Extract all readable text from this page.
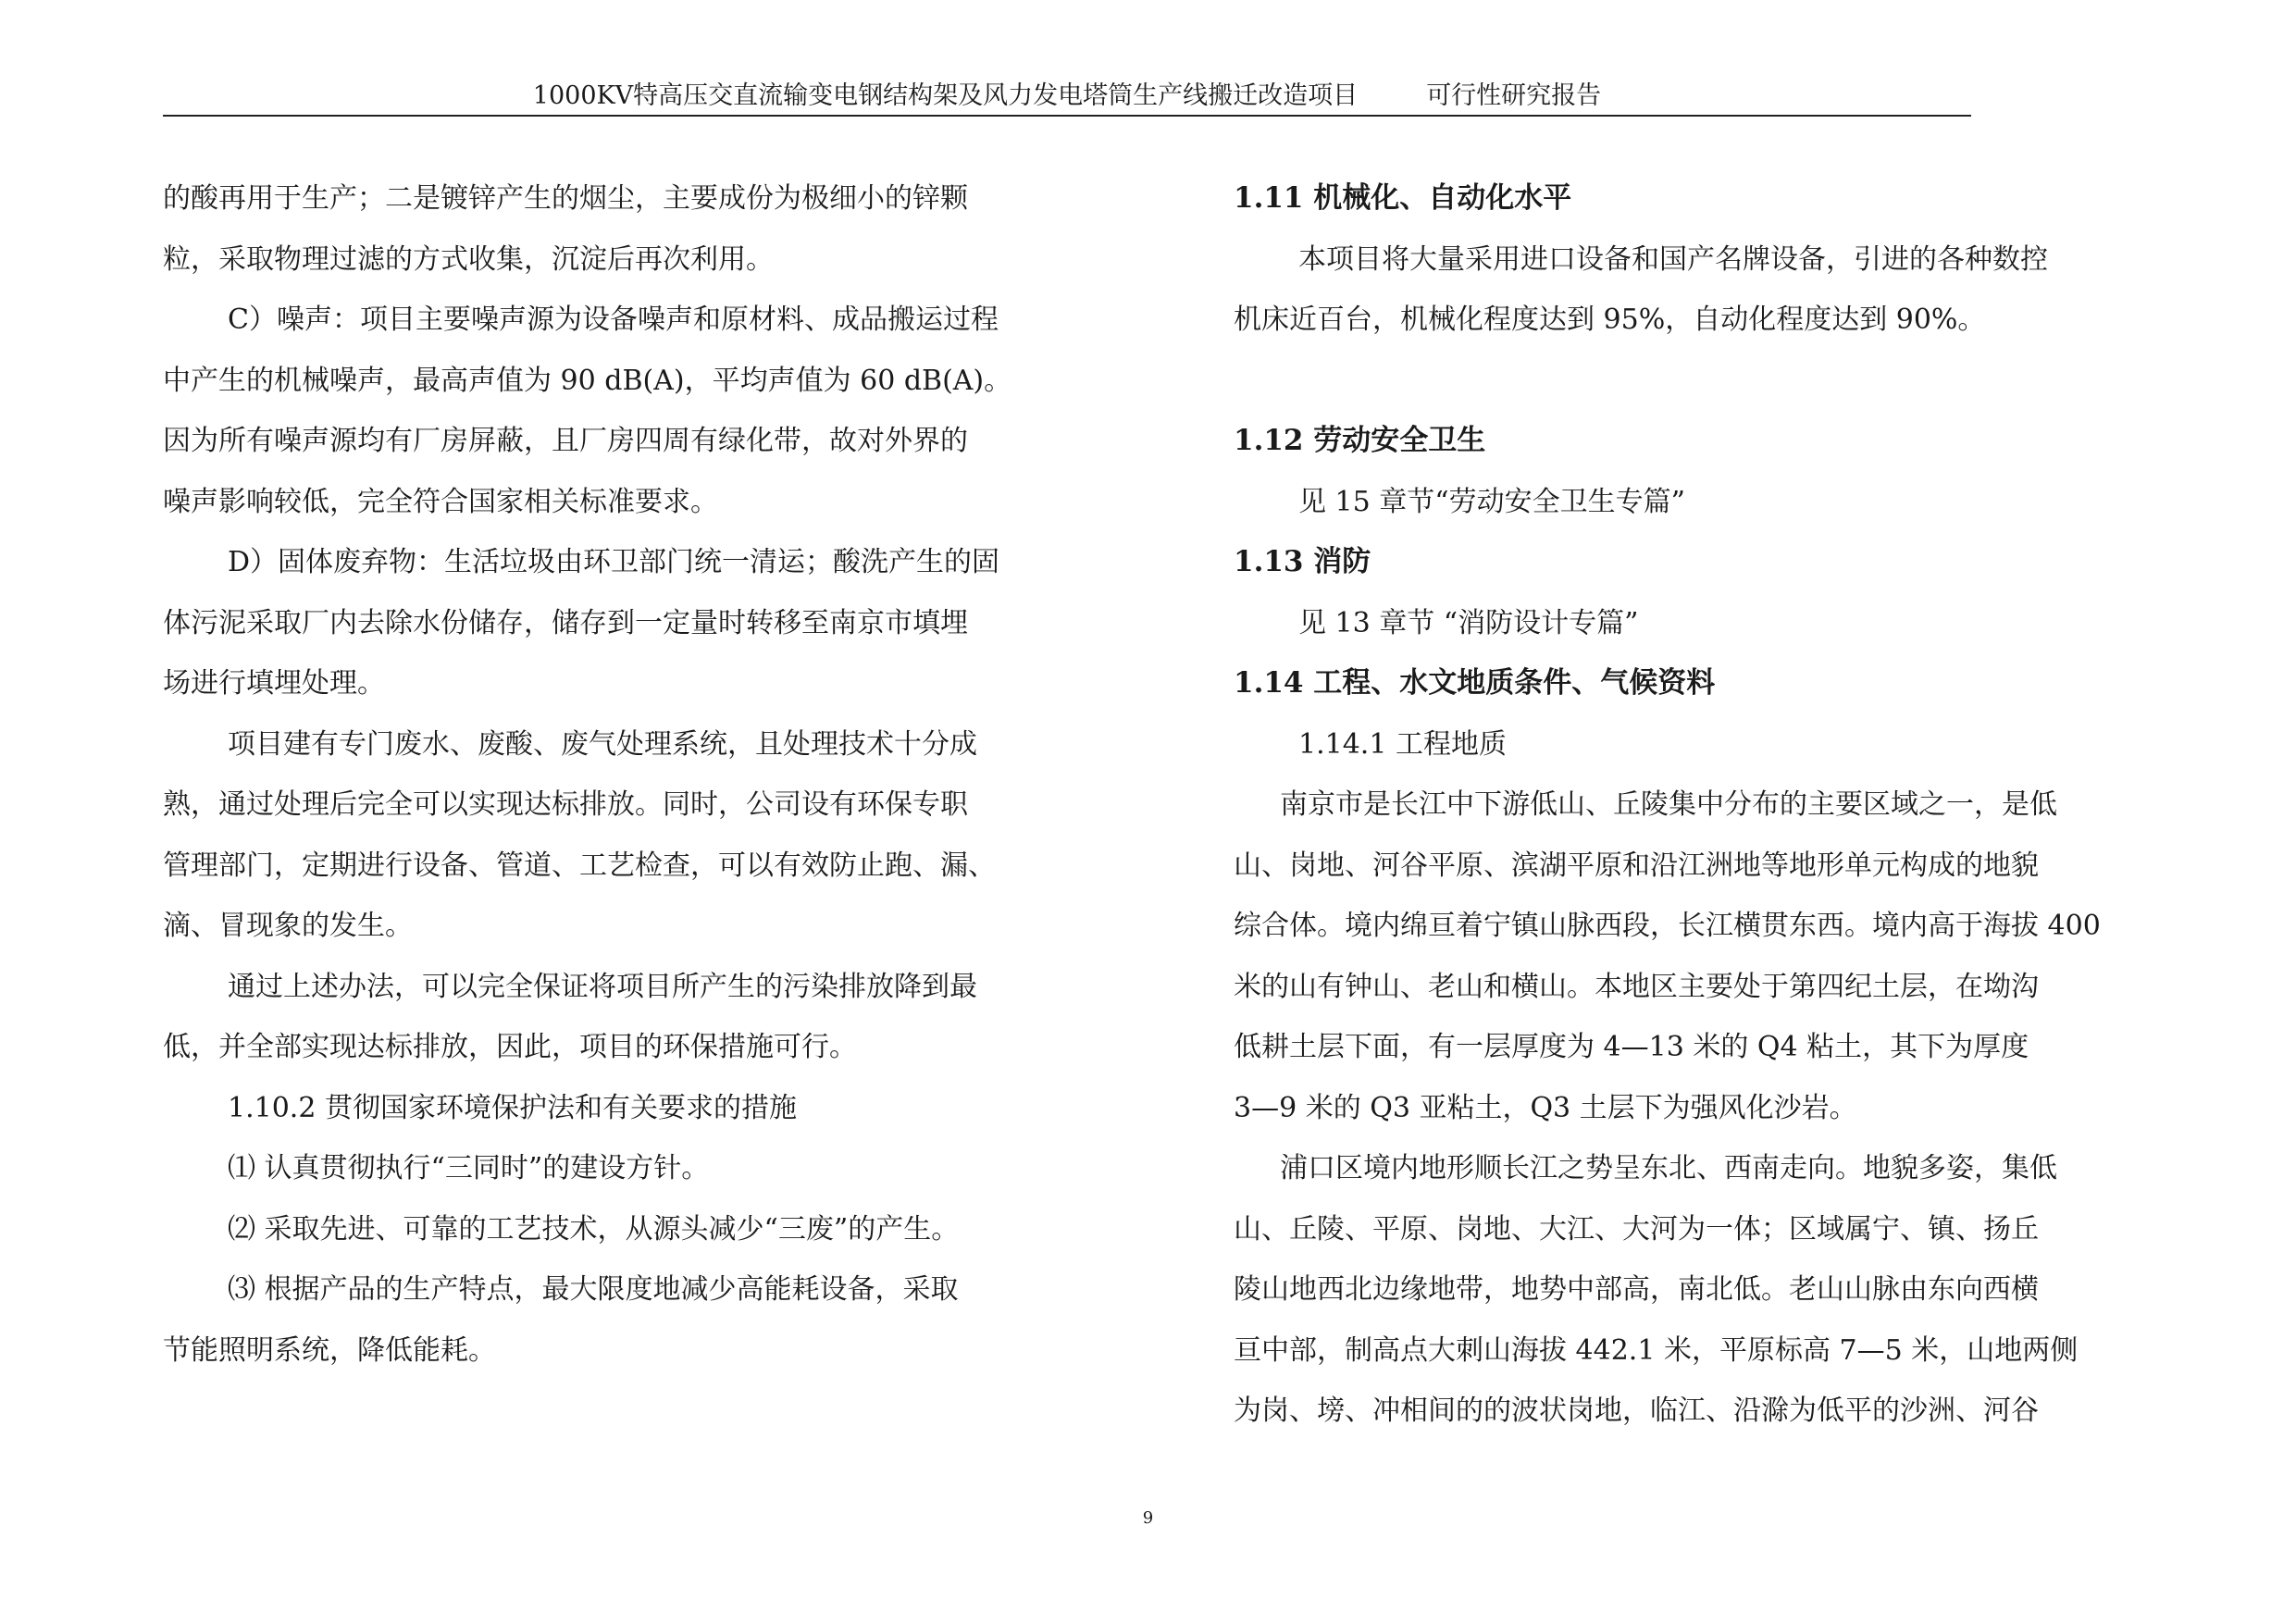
1000KV特高压交直流输变电钢结构架及风力发电塔筒生产线搬迁改造项目	可行性研究报告

的酸再用于生产；二是镀锌产生的烟尘，主要成份为极细小的锌颗

粒，采取物理过滤的方式收集，沉淀后再次利用。

C）噪声：项目主要噪声源为设备噪声和原材料、成品搬运过程

中产生的机械噪声，最高声值为 90 dB(A)，平均声值为 60 dB(A)。

因为所有噪声源均有厂房屏蔽，且厂房四周有绿化带，故对外界的

噪声影响较低，完全符合国家相关标准要求。

D）固体废弃物：生活垃圾由环卫部门统一清运；酸洗产生的固

体污泥采取厂内去除水份储存，储存到一定量时转移至南京市填埋

场进行填埋处理。

项目建有专门废水、废酸、废气处理系统，且处理技术十分成

熟，通过处理后完全可以实现达标排放。同时，公司设有环保专职

管理部门，定期进行设备、管道、工艺检查，可以有效防止跑、漏、

滴、冒现象的发生。

通过上述办法，可以完全保证将项目所产生的污染排放降到最

低，并全部实现达标排放，因此，项目的环保措施可行。

1.10.2 贯彻国家环境保护法和有关要求的措施

⑴ 认真贯彻执行“三同时”的建设方针。

⑵ 采取先进、可靠的工艺技术，从源头减少“三废”的产生。

⑶ 根据产品的生产特点，最大限度地减少高能耗设备，采取

节能照明系统，降低能耗。

1.11 机械化、自动化水平

本项目将大量采用进口设备和国产名牌设备，引进的各种数控

机床近百台，机械化程度达到 95%，自动化程度达到 90%。

1.12 劳动安全卫生

见 15 章节“劳动安全卫生专篇”

1.13 消防

见 13 章节 “消防设计专篇”

1.14 工程、水文地质条件、气候资料

1.14.1 工程地质

南京市是长江中下游低山、丘陵集中分布的主要区域之一，是低

山、岗地、河谷平原、滨湖平原和沿江洲地等地形单元构成的地貌

综合体。境内绵亘着宁镇山脉西段，长江横贯东西。境内高于海拔 400

米的山有钟山、老山和横山。本地区主要处于第四纪土层，在坳沟

低耕土层下面，有一层厚度为 4—13 米的 Q4 粘土，其下为厚度

3—9 米的 Q3 亚粘土，Q3 土层下为强风化沙岩。

浦口区境内地形顺长江之势呈东北、西南走向。地貌多姿，集低

山、丘陵、平原、岗地、大江、大河为一体；区域属宁、镇、扬丘

陵山地西北边缘地带，地势中部高，南北低。老山山脉由东向西横

亘中部，制高点大刺山海拔 442.1 米，平原标高 7—5 米，山地两侧

为岗、塝、冲相间的的波状岗地，临江、沿滁为低平的沙洲、河谷

9
